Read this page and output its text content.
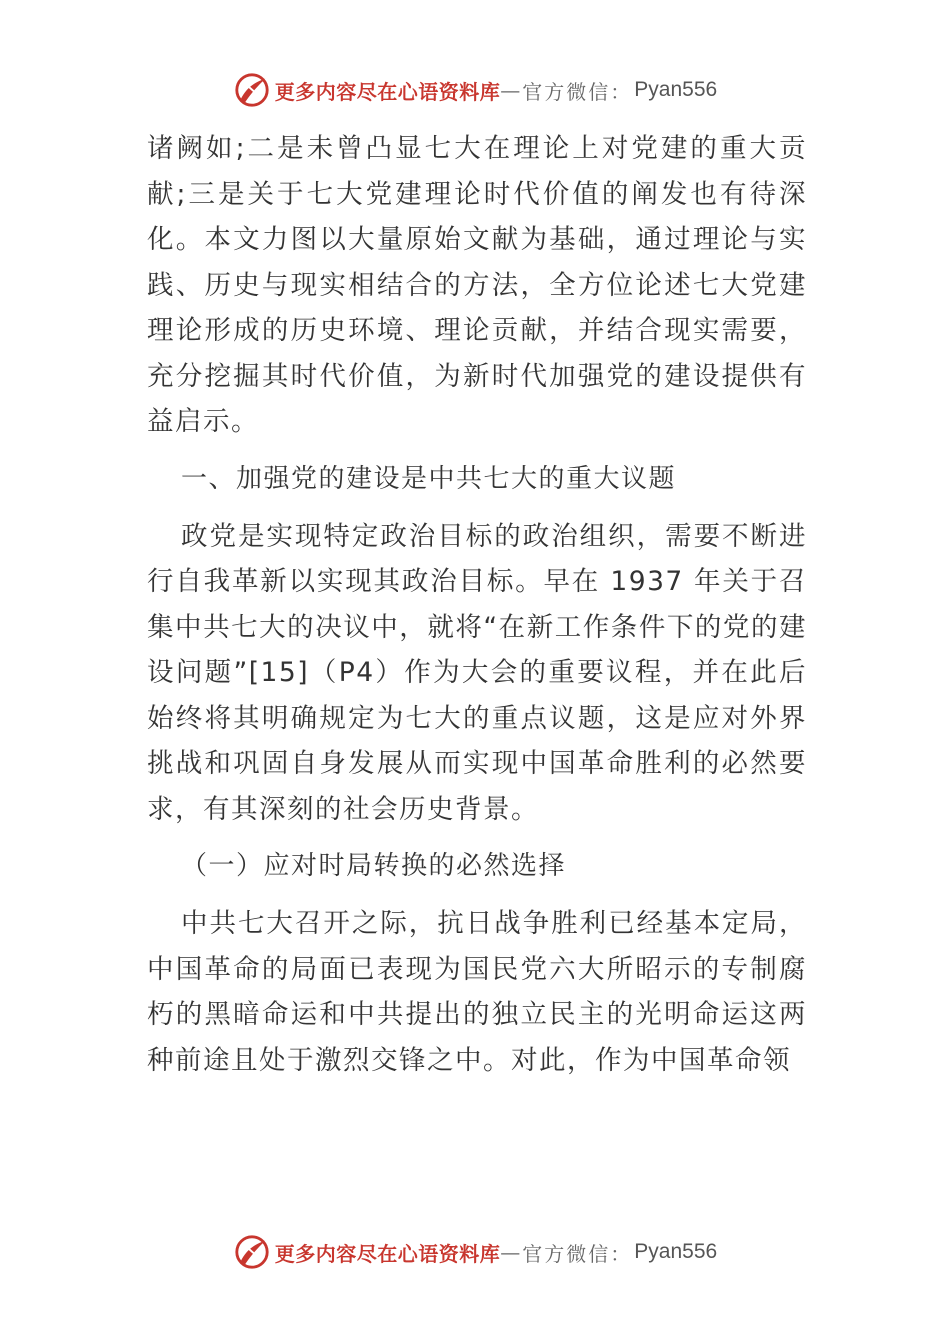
更多内容尽在心语资料库 — 官方微信： Pyan556

诸阙如;二是未曾凸显七大在理论上对党建的重大贡献;三是关于七大党建理论时代价值的阐发也有待深化。本文力图以大量原始文献为基础，通过理论与实践、历史与现实相结合的方法，全方位论述七大党建理论形成的历史环境、理论贡献，并结合现实需要，充分挖掘其时代价值，为新时代加强党的建设提供有益启示。

一、加强党的建设是中共七大的重大议题

政党是实现特定政治目标的政治组织，需要不断进行自我革新以实现其政治目标。早在 1937 年关于召集中共七大的决议中，就将“在新工作条件下的党的建设问题”[15]（P4）作为大会的重要议程，并在此后始终将其明确规定为七大的重点议题，这是应对外界挑战和巩固自身发展从而实现中国革命胜利的必然要求，有其深刻的社会历史背景。

（一）应对时局转换的必然选择

中共七大召开之际，抗日战争胜利已经基本定局，中国革命的局面已表现为国民党六大所昭示的专制腐朽的黑暗命运和中共提出的独立民主的光明命运这两种前途且处于激烈交锋之中。对此，作为中国革命领

更多内容尽在心语资料库 — 官方微信： Pyan556
